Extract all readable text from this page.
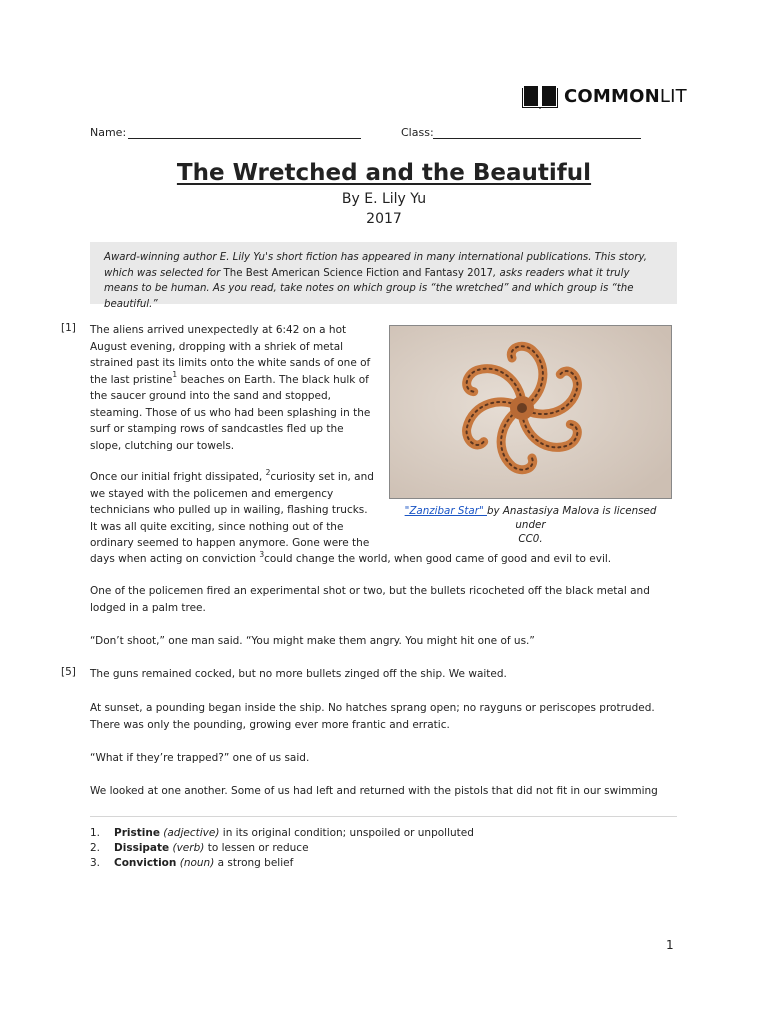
COMMONLIT
Name:	Class:
The Wretched and the Beautiful
By E. Lily Yu
2017
Award-winning author E. Lily Yu's short fiction has appeared in many international publications. This story, which was selected for The Best American Science Fiction and Fantasy 2017, asks readers what it truly means to be human. As you read, take notes on which group is “the wretched” and which group is “the beautiful.”
[1]
[5]
The aliens arrived unexpectedly at 6:42 on a hot
August evening, dropping with a shriek of metal
strained past its limits onto the white sands of one of
the last pristine$^1$ beaches on Earth. The black hulk of
the saucer ground into the sand and stopped,
steaming. Those of us who had been splashing in the
surf or stamping rows of sandcastles fled up the
slope, clutching our towels.
Once our initial fright dissipated, $^2$curiosity set in, and
we stayed with the policemen and emergency
technicians who pulled up in wailing, flashing trucks.
It was all quite exciting, since nothing out of the
ordinary seemed to happen anymore. Gone were the
days when acting on conviction $^3$could change the world, when good came of good and evil to evil.
"Zanzibar Star" by Anastasiya Malova is licensed under
CC0.
One of the policemen fired an experimental shot or two, but the bullets ricocheted off the black metal and
lodged in a palm tree.
“Don’t shoot,” one man said. “You might make them angry. You might hit one of us.”
The guns remained cocked, but no more bullets zinged off the ship. We waited.
At sunset, a pounding began inside the ship. No hatches sprang open; no rayguns or periscopes protruded.
There was only the pounding, growing ever more frantic and erratic.
“What if they’re trapped?” one of us said.
We looked at one another. Some of us had left and returned with the pistols that did not fit in our swimming
1.	Pristine (adjective) in its original condition; unspoiled or unpolluted
2.	Dissipate (verb) to lessen or reduce
3.	Conviction (noun) a strong belief
1
